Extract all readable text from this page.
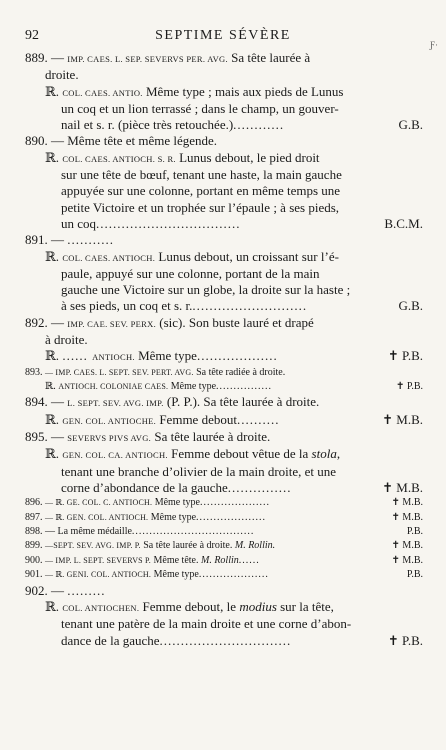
92	SEPTIME SÉVÈRE
Ƒ·
889. — IMP. CAES. L. SEP. SEVERVS PER. AVG. Sa tête laurée à
droite.
ℝ. COL. CAES. ANTIO. Même type ; mais aux pieds de Lunus
un coq et un lion terrassé ; dans le champ, un gouver-
nail et s. r. (pièce très retouchée.)............	G.B.
890. — Même tête et même légende.
ℝ. COL. CAES. ANTIOCH. S. R. Lunus debout, le pied droit
sur une tête de bœuf, tenant une haste, la main gauche
appuyée sur une colonne, portant en même temps une
petite Victoire et un trophée sur l’épaule ; à ses pieds,
un coq..................................	B.C.M.
891. — ...........
ℝ. COL. CAES. ANTIOCH. Lunus debout, un croissant sur l’é-
paule, appuyé sur une colonne, portant de la main
gauche une Victoire sur un globe, la droite sur la haste ;
à ses pieds, un coq et s. r............................	G.B.
892. — IMP. CAE. SEV. PERX. (sic). Son buste lauré et drapé
à droite.
ℝ. ...... ANTIOCH. Même type...................	✝ P.B.
893. — IMP. CAES. L. SEPT. SEV. PERT. AVG. Sa tête radiée à droite.
ℝ. ANTIOCH. COLONIAE CAES. Même type................	✝ P.B.
894. — L. SEPT. SEV. AVG. IMP. (P. P.). Sa tête laurée à droite.
ℝ. GEN. COL. ANTIOCHE. Femme debout..........	✝ M.B.
895. — SEVERVS PIVS AVG. Sa tête laurée à droite.
ℝ. GEN. COL. CA. ANTIOCH. Femme debout vêtue de la stola,
tenant une branche d’olivier de la main droite, et une
corne d’abondance de la gauche...............	✝ M.B.
896. — ℝ. GE. COL. C. ANTIOCH. Même type....................	✝ M.B.
897. — ℝ. GEN. COL. ANTIOCH. Même type....................	✝ M.B.
898. — La même médaille...................................	P.B.
899. —SEPT. SEV. AVG. IMP. P. Sa tête laurée à droite. M. Rollin.	✝ M.B.
900. — IMP. L. SEPT. SEVERVS P. Même tête. M. Rollin......	✝ M.B.
901. — ℝ. GENI. COL. ANTIOCH. Même type....................	P.B.
902. — .........
ℝ. COL. ANTIOCHEN. Femme debout, le modius sur la tête,
tenant une patère de la main droite et une corne d’abon-
dance de la gauche...............................	✝ P.B.
